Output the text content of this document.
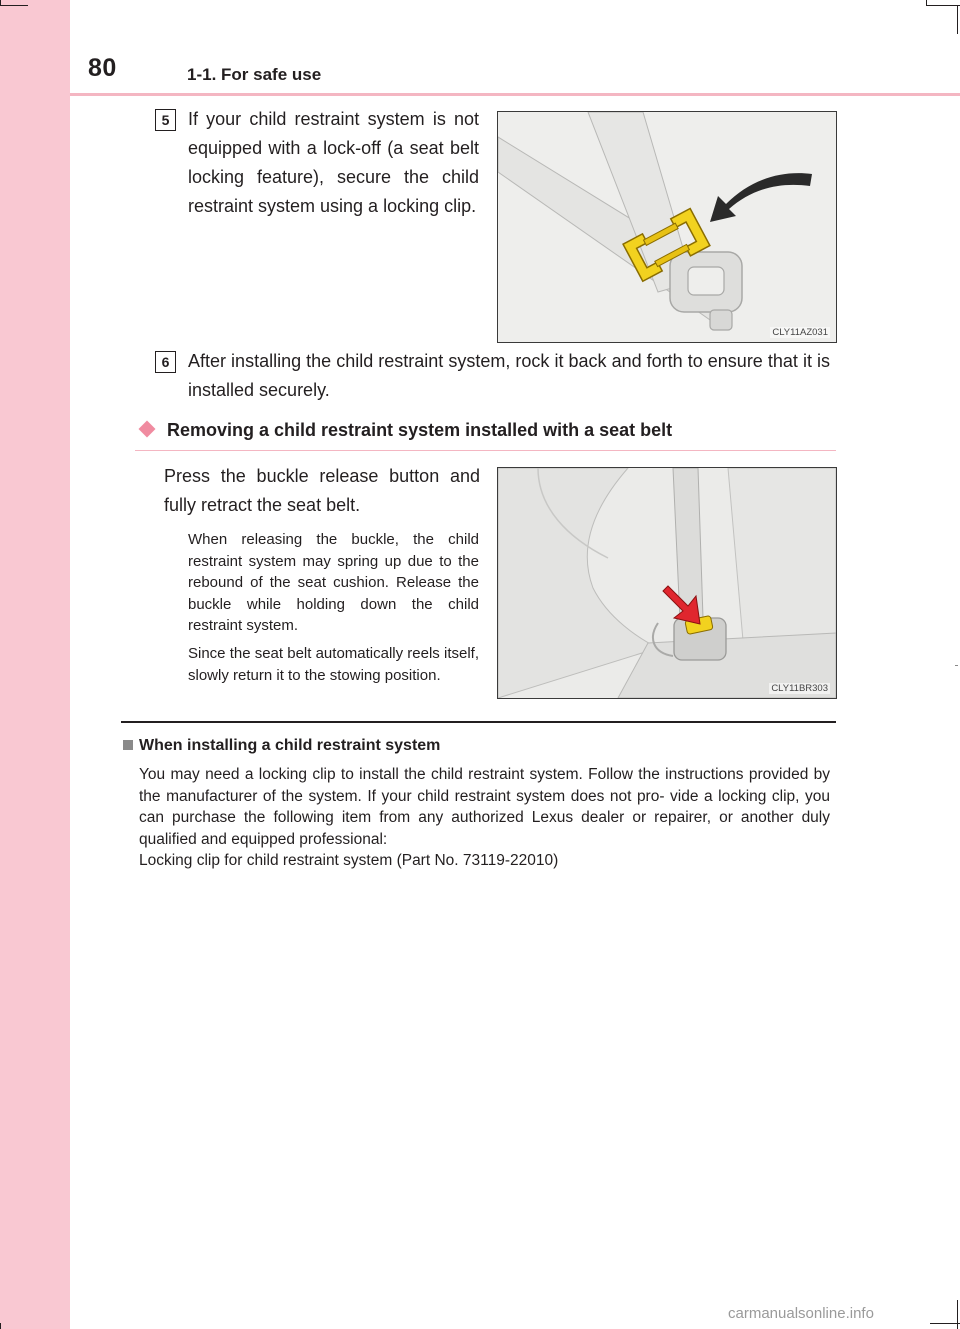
80	1-1. For safe use
5	If your child restraint system is not equipped with a lock-off (a seat belt locking feature), secure the child restraint system using a locking clip.

CLY11AZ031
6	After installing the child restraint system, rock it back and forth to ensure that it is installed securely.

Removing a child restraint system installed with a seat belt

Press the buckle release button and fully retract the seat belt.

When releasing the buckle, the child restraint system may spring up due to the rebound of the seat cushion. Release the buckle while holding down the child restraint system.

Since the seat belt automatically reels itself, slowly return it to the stowing position.

CLY11BR303
When installing a child restraint system

You may need a locking clip to install the child restraint system. Follow the instructions provided by the manufacturer of the system. If your child restraint system does not pro- vide a locking clip, you can purchase the following item from any authorized Lexus dealer or repairer, or another duly qualified and equipped professional:
Locking clip for child restraint system (Part No. 73119-22010)

carmanualsonline.info
